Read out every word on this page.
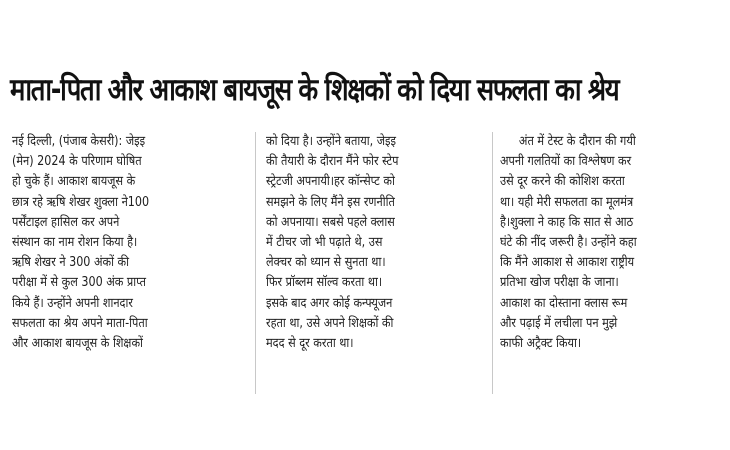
माता-पिता और आकाश बायजूस के शिक्षकों को दिया सफलता का श्रेय
नई दिल्ली, (पंजाब केसरी): जेइइ
(मेन) 2024 के परिणाम घोषित
हो चुके हैं। आकाश बायजूस के
छात्र रहे ऋषि शेखर शुक्ला ने100
पर्सेंटाइल हासिल कर अपने
संस्थान का नाम रोशन किया है।
ऋषि शेखर ने 300 अंकों की
परीक्षा में से कुल 300 अंक प्राप्त
किये हैं। उन्होंने अपनी शानदार
सफलता का श्रेय अपने माता-पिता
और आकाश बायजूस के शिक्षकों
को दिया है। उन्होंने बताया, जेइइ
की तैयारी के दौरान मैंने फोर स्टेप
स्ट्रेटजी अपनायी।हर कॉन्सेप्ट को
समझने के लिए मैंने इस रणनीति
को अपनाया। सबसे पहले क्लास
में टीचर जो भी पढ़ाते थे, उस
लेक्चर को ध्यान से सुनता था।
फिर प्रॉब्लम सॉल्व करता था।
इसके बाद अगर कोई कन्फ्यूजन
रहता था, उसे अपने शिक्षकों की
मदद से दूर करता था।
अंत में टेस्ट के दौरान की गयी
अपनी गलतियों का विश्लेषण कर
उसे दूर करने की कोशिश करता
था। यही मेरी सफलता का मूलमंत्र
है।शुक्ला ने काह कि सात से आठ
घंटे की नींद जरूरी है। उन्होंने कहा
कि मैंने आकाश से आकाश राष्ट्रीय
प्रतिभा खोज परीक्षा के जाना।
आकाश का दोस्ताना क्लास रूम
और पढ़ाई में लचीला पन मुझे
काफी अट्रैक्ट किया।
